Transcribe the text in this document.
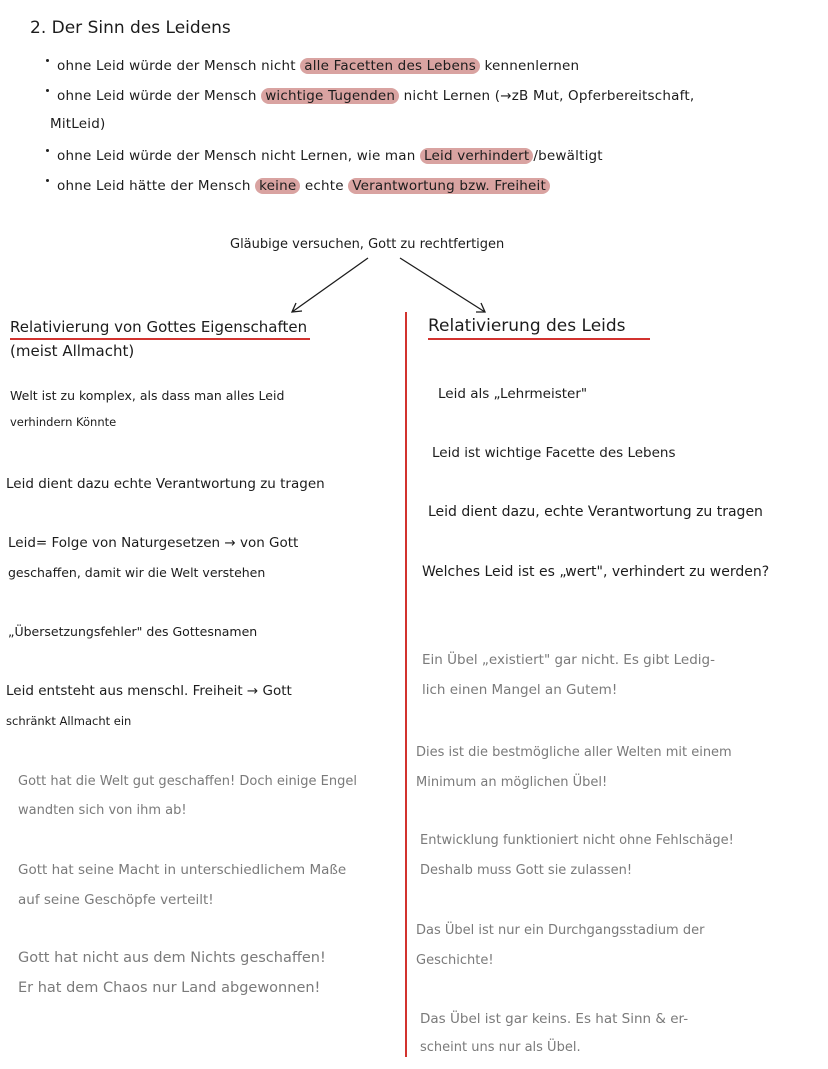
2. Der Sinn des Leidens
ohne Leid würde der Mensch nicht alle Facetten des Lebens kennenlernen
ohne Leid würde der Mensch wichtige Tugenden nicht Lernen (→zB Mut, Opferbereitschaft,
MitLeid)
ohne Leid würde der Mensch nicht Lernen, wie man Leid verhindert /bewältigt
ohne Leid hätte der Mensch keine echte Verantwortung bzw. Freiheit
Gläubige versuchen, Gott zu rechtfertigen
Relativierung von Gottes Eigenschaften
(meist Allmacht)
Welt ist zu komplex, als dass man alles Leid
verhindern Könnte
Leid dient dazu echte Verantwortung zu tragen
Leid= Folge von Naturgesetzen → von Gott
geschaffen, damit wir die Welt verstehen
„Übersetzungsfehler" des Gottesnamen
Leid entsteht aus menschl. Freiheit → Gott
schränkt Allmacht ein
Gott hat die Welt gut geschaffen! Doch einige Engel
wandten sich von ihm ab!
Gott hat seine Macht in unterschiedlichem Maße
auf seine Geschöpfe verteilt!
Gott hat nicht aus dem Nichts geschaffen!
Er hat dem Chaos nur Land abgewonnen!
Relativierung des Leids
Leid als „Lehrmeister"
Leid ist wichtige Facette des Lebens
Leid dient dazu, echte Verantwortung zu tragen
Welches Leid ist es „wert", verhindert zu werden?
Ein Übel „existiert" gar nicht. Es gibt Ledig-
lich einen Mangel an Gutem!
Dies ist die bestmögliche aller Welten mit einem
Minimum an möglichen Übel!
Entwicklung funktioniert nicht ohne Fehlschäge!
Deshalb muss Gott sie zulassen!
Das Übel ist nur ein Durchgangsstadium der
Geschichte!
Das Übel ist gar keins. Es hat Sinn & er-
scheint uns nur als Übel.
